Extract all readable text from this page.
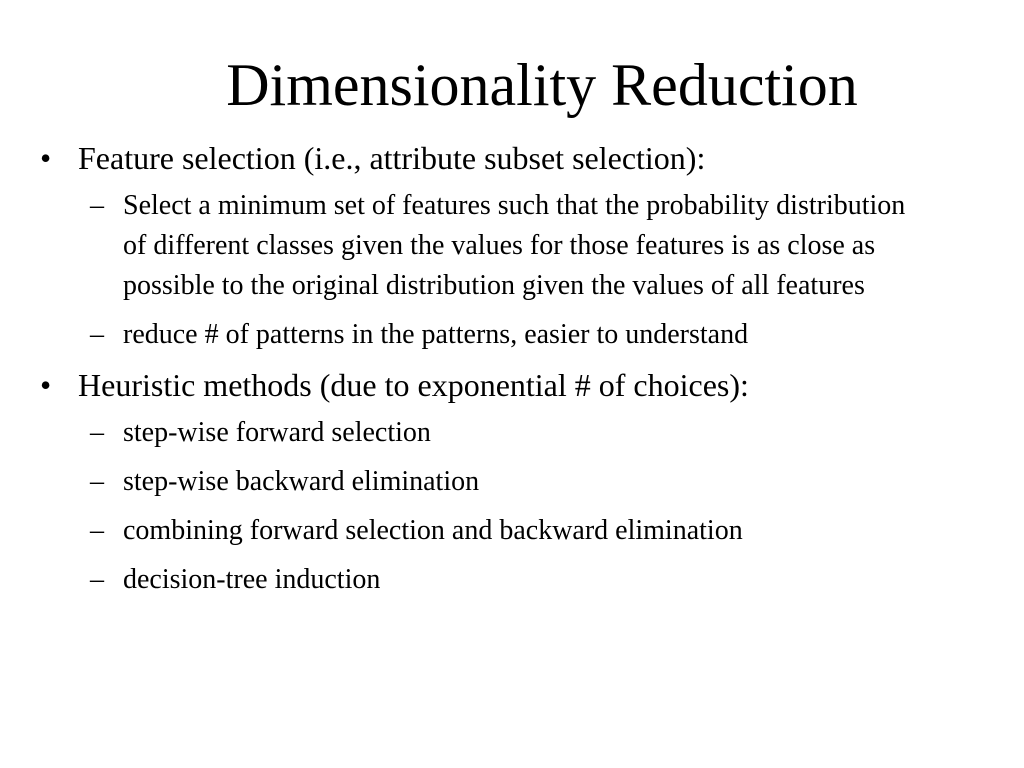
Dimensionality Reduction
• Feature selection (i.e., attribute subset selection):
– Select a minimum set of features such that the probability distribution of different classes given the values for those features is as close as possible to the original distribution given the values of all features
– reduce # of patterns in the patterns, easier to understand
• Heuristic methods (due to exponential # of choices):
– step-wise forward selection
– step-wise backward elimination
– combining forward selection and backward elimination
– decision-tree induction
